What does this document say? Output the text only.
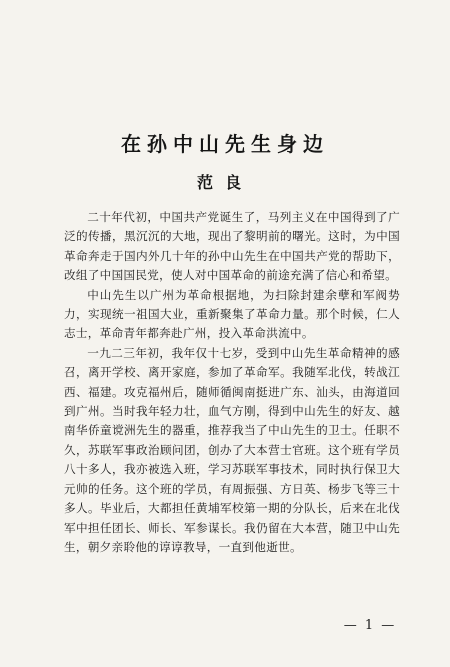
在孙中山先生身边
范良

二十年代初，中国共产党诞生了，马列主义在中国得到了广泛的传播，黑沉沉的大地，现出了黎明前的曙光。这时，为中国革命奔走于国内外几十年的孙中山先生在中国共产党的帮助下，改组了中国国民党，使人对中国革命的前途充满了信心和希望。

中山先生以广州为革命根据地，为扫除封建余孽和军阀势力，实现统一祖国大业，重新聚集了革命力量。那个时候，仁人志士，革命青年都奔赴广州，投入革命洪流中。

一九二三年初，我年仅十七岁，受到中山先生革命精神的感召，离开学校、离开家庭，参加了革命军。我随军北伐，转战江西、福建。攻克福州后，随师循闽南挺进广东、汕头，由海道回到广州。当时我年轻力壮，血气方刚，得到中山先生的好友、越南华侨童谠洲先生的器重，推荐我当了中山先生的卫士。任职不久，苏联军事政治顾问团，创办了大本营士官班。这个班有学员八十多人，我亦被选入班，学习苏联军事技术，同时执行保卫大元帅的任务。这个班的学员，有周振强、方日英、杨步飞等三十多人。毕业后，大都担任黄埔军校第一期的分队长，后来在北伐军中担任团长、师长、军参谋长。我仍留在大本营，随卫中山先生，朝夕亲聆他的谆谆教导，一直到他逝世。

— 1 —
